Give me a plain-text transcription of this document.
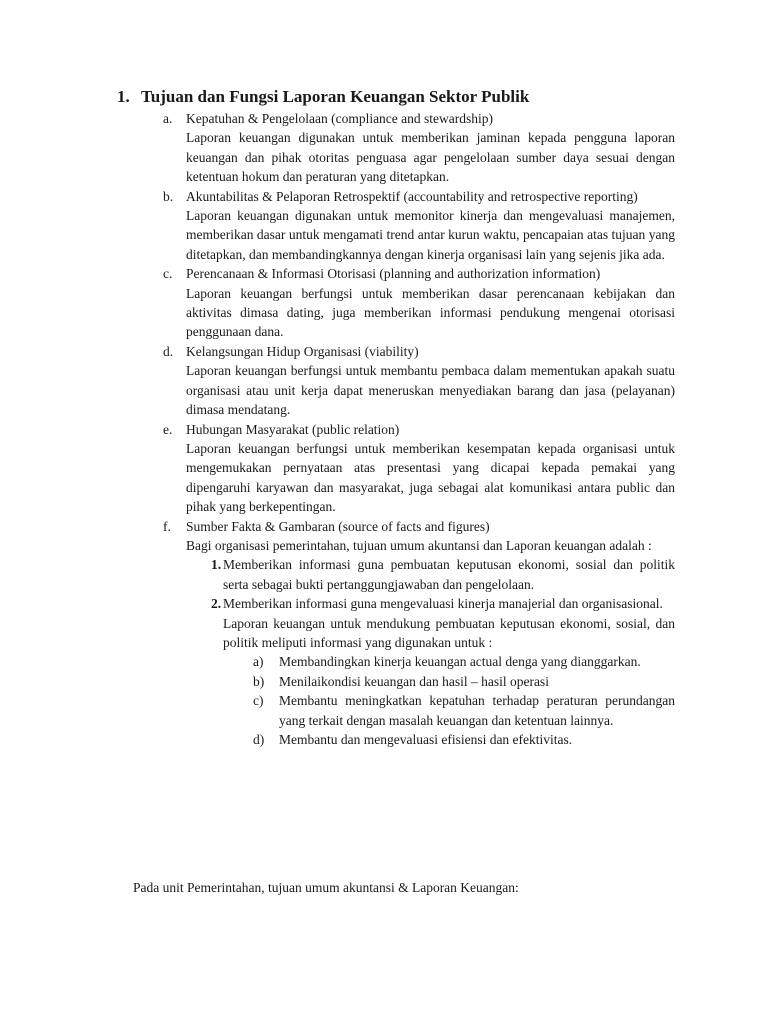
1. Tujuan dan Fungsi Laporan Keuangan Sektor Publik
a. Kepatuhan & Pengelolaan (compliance and stewardship)
Laporan keuangan digunakan untuk memberikan jaminan kepada pengguna laporan keuangan dan pihak otoritas penguasa agar pengelolaan sumber daya sesuai dengan ketentuan hokum dan peraturan yang ditetapkan.
b. Akuntabilitas & Pelaporan Retrospektif (accountability and retrospective reporting)
Laporan keuangan digunakan untuk memonitor kinerja dan mengevaluasi manajemen, memberikan dasar untuk mengamati trend antar kurun waktu, pencapaian atas tujuan yang ditetapkan, dan membandingkannya dengan kinerja organisasi lain yang sejenis jika ada.
c. Perencanaan & Informasi Otorisasi (planning and authorization information)
Laporan keuangan berfungsi untuk memberikan dasar perencanaan kebijakan dan aktivitas dimasa dating, juga memberikan informasi pendukung mengenai otorisasi penggunaan dana.
d. Kelangsungan Hidup Organisasi (viability)
Laporan keuangan berfungsi untuk membantu pembaca dalam mementukan apakah suatu organisasi atau unit kerja dapat meneruskan menyediakan barang dan jasa (pelayanan) dimasa mendatang.
e. Hubungan Masyarakat (public relation)
Laporan keuangan berfungsi untuk memberikan kesempatan kepada organisasi untuk mengemukakan pernyataan atas presentasi yang dicapai kepada pemakai yang dipengaruhi karyawan dan masyarakat, juga sebagai alat komunikasi antara public dan pihak yang berkepentingan.
f. Sumber Fakta & Gambaran (source of facts and figures)
Bagi organisasi pemerintahan, tujuan umum akuntansi dan Laporan keuangan adalah :
1. Memberikan informasi guna pembuatan keputusan ekonomi, sosial dan politik serta sebagai bukti pertanggungjawaban dan pengelolaan.
2. Memberikan informasi guna mengevaluasi kinerja manajerial dan organisasional.
Laporan keuangan untuk mendukung pembuatan keputusan ekonomi, sosial, dan politik meliputi informasi yang digunakan untuk :
a) Membandingkan kinerja keuangan actual denga yang dianggarkan.
b) Menilaikondisi keuangan dan hasil – hasil operasi
c) Membantu meningkatkan kepatuhan terhadap peraturan perundangan yang terkait dengan masalah keuangan dan ketentuan lainnya.
d) Membantu dan mengevaluasi efisiensi dan efektivitas.
Pada unit Pemerintahan, tujuan umum akuntansi & Laporan Keuangan:
